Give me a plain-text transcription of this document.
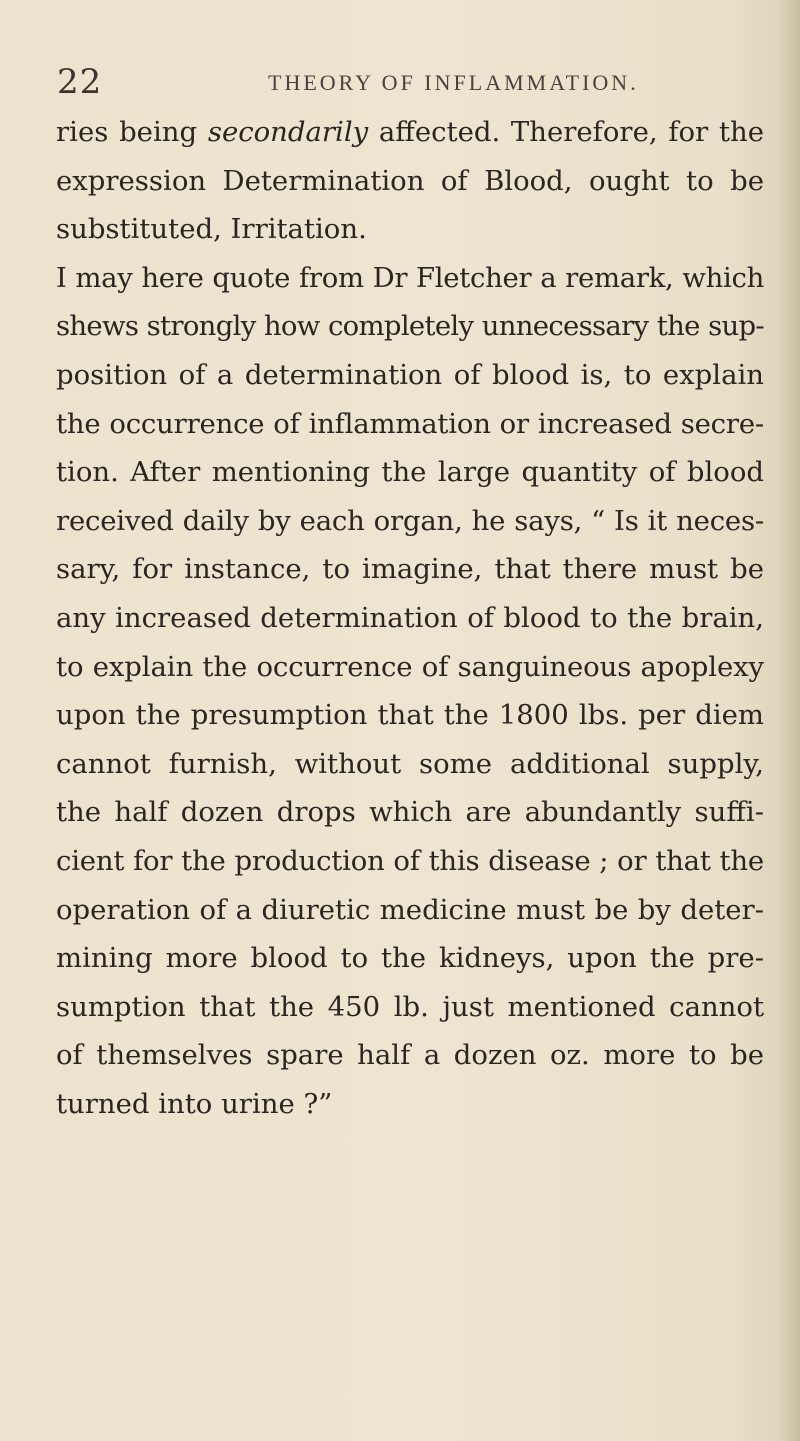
22	THEORY OF INFLAMMATION.

ries being secondarily affected. Therefore, for the
expression Determination of Blood, ought to be
substituted, Irritation.

I may here quote from Dr Fletcher a remark, which
shews strongly how completely unnecessary the sup-
position of a determination of blood is, to explain
the occurrence of inflammation or increased secre-
tion. After mentioning the large quantity of blood
received daily by each organ, he says, “ Is it neces-
sary, for instance, to imagine, that there must be
any increased determination of blood to the brain,
to explain the occurrence of sanguineous apoplexy
upon the presumption that the 1800 lbs. per diem
cannot furnish, without some additional supply,
the half dozen drops which are abundantly suffi-
cient for the production of this disease ; or that the
operation of a diuretic medicine must be by deter-
mining more blood to the kidneys, upon the pre-
sumption that the 450 lb. just mentioned cannot
of themselves spare half a dozen oz. more to be
turned into urine ?”
